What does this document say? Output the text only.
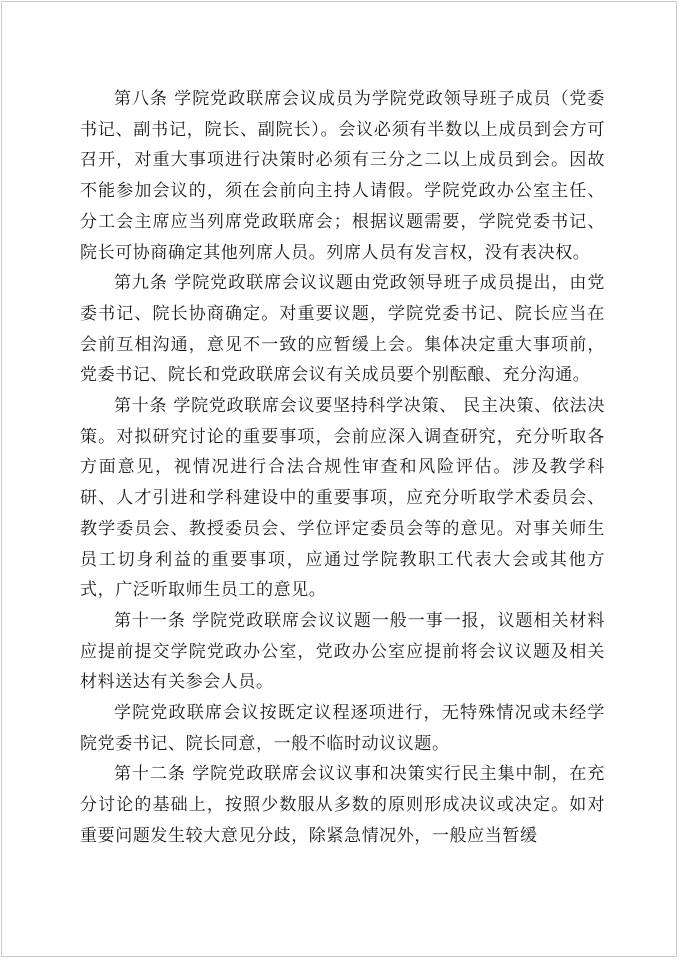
第八条 学院党政联席会议成员为学院党政领导班子成员（党委书记、副书记，院长、副院长）。会议必须有半数以上成员到会方可召开，对重大事项进行决策时必须有三分之二以上成员到会。因故不能参加会议的，须在会前向主持人请假。学院党政办公室主任、分工会主席应当列席党政联席会；根据议题需要，学院党委书记、院长可协商确定其他列席人员。列席人员有发言权，没有表决权。

第九条 学院党政联席会议议题由党政领导班子成员提出，由党委书记、院长协商确定。对重要议题，学院党委书记、院长应当在会前互相沟通，意见不一致的应暂缓上会。集体决定重大事项前，党委书记、院长和党政联席会议有关成员要个别酝酿、充分沟通。

第十条 学院党政联席会议要坚持科学决策、 民主决策、依法决策。对拟研究讨论的重要事项，会前应深入调查研究，充分听取各方面意见，视情况进行合法合规性审查和风险评估。涉及教学科研、人才引进和学科建设中的重要事项，应充分听取学术委员会、教学委员会、教授委员会、学位评定委员会等的意见。对事关师生员工切身利益的重要事项，应通过学院教职工代表大会或其他方式，广泛听取师生员工的意见。

第十一条 学院党政联席会议议题一般一事一报，议题相关材料应提前提交学院党政办公室，党政办公室应提前将会议议题及相关材料送达有关参会人员。

学院党政联席会议按既定议程逐项进行，无特殊情况或未经学院党委书记、院长同意，一般不临时动议议题。

第十二条 学院党政联席会议议事和决策实行民主集中制，在充分讨论的基础上，按照少数服从多数的原则形成决议或决定。如对重要问题发生较大意见分歧，除紧急情况外，一般应当暂缓
